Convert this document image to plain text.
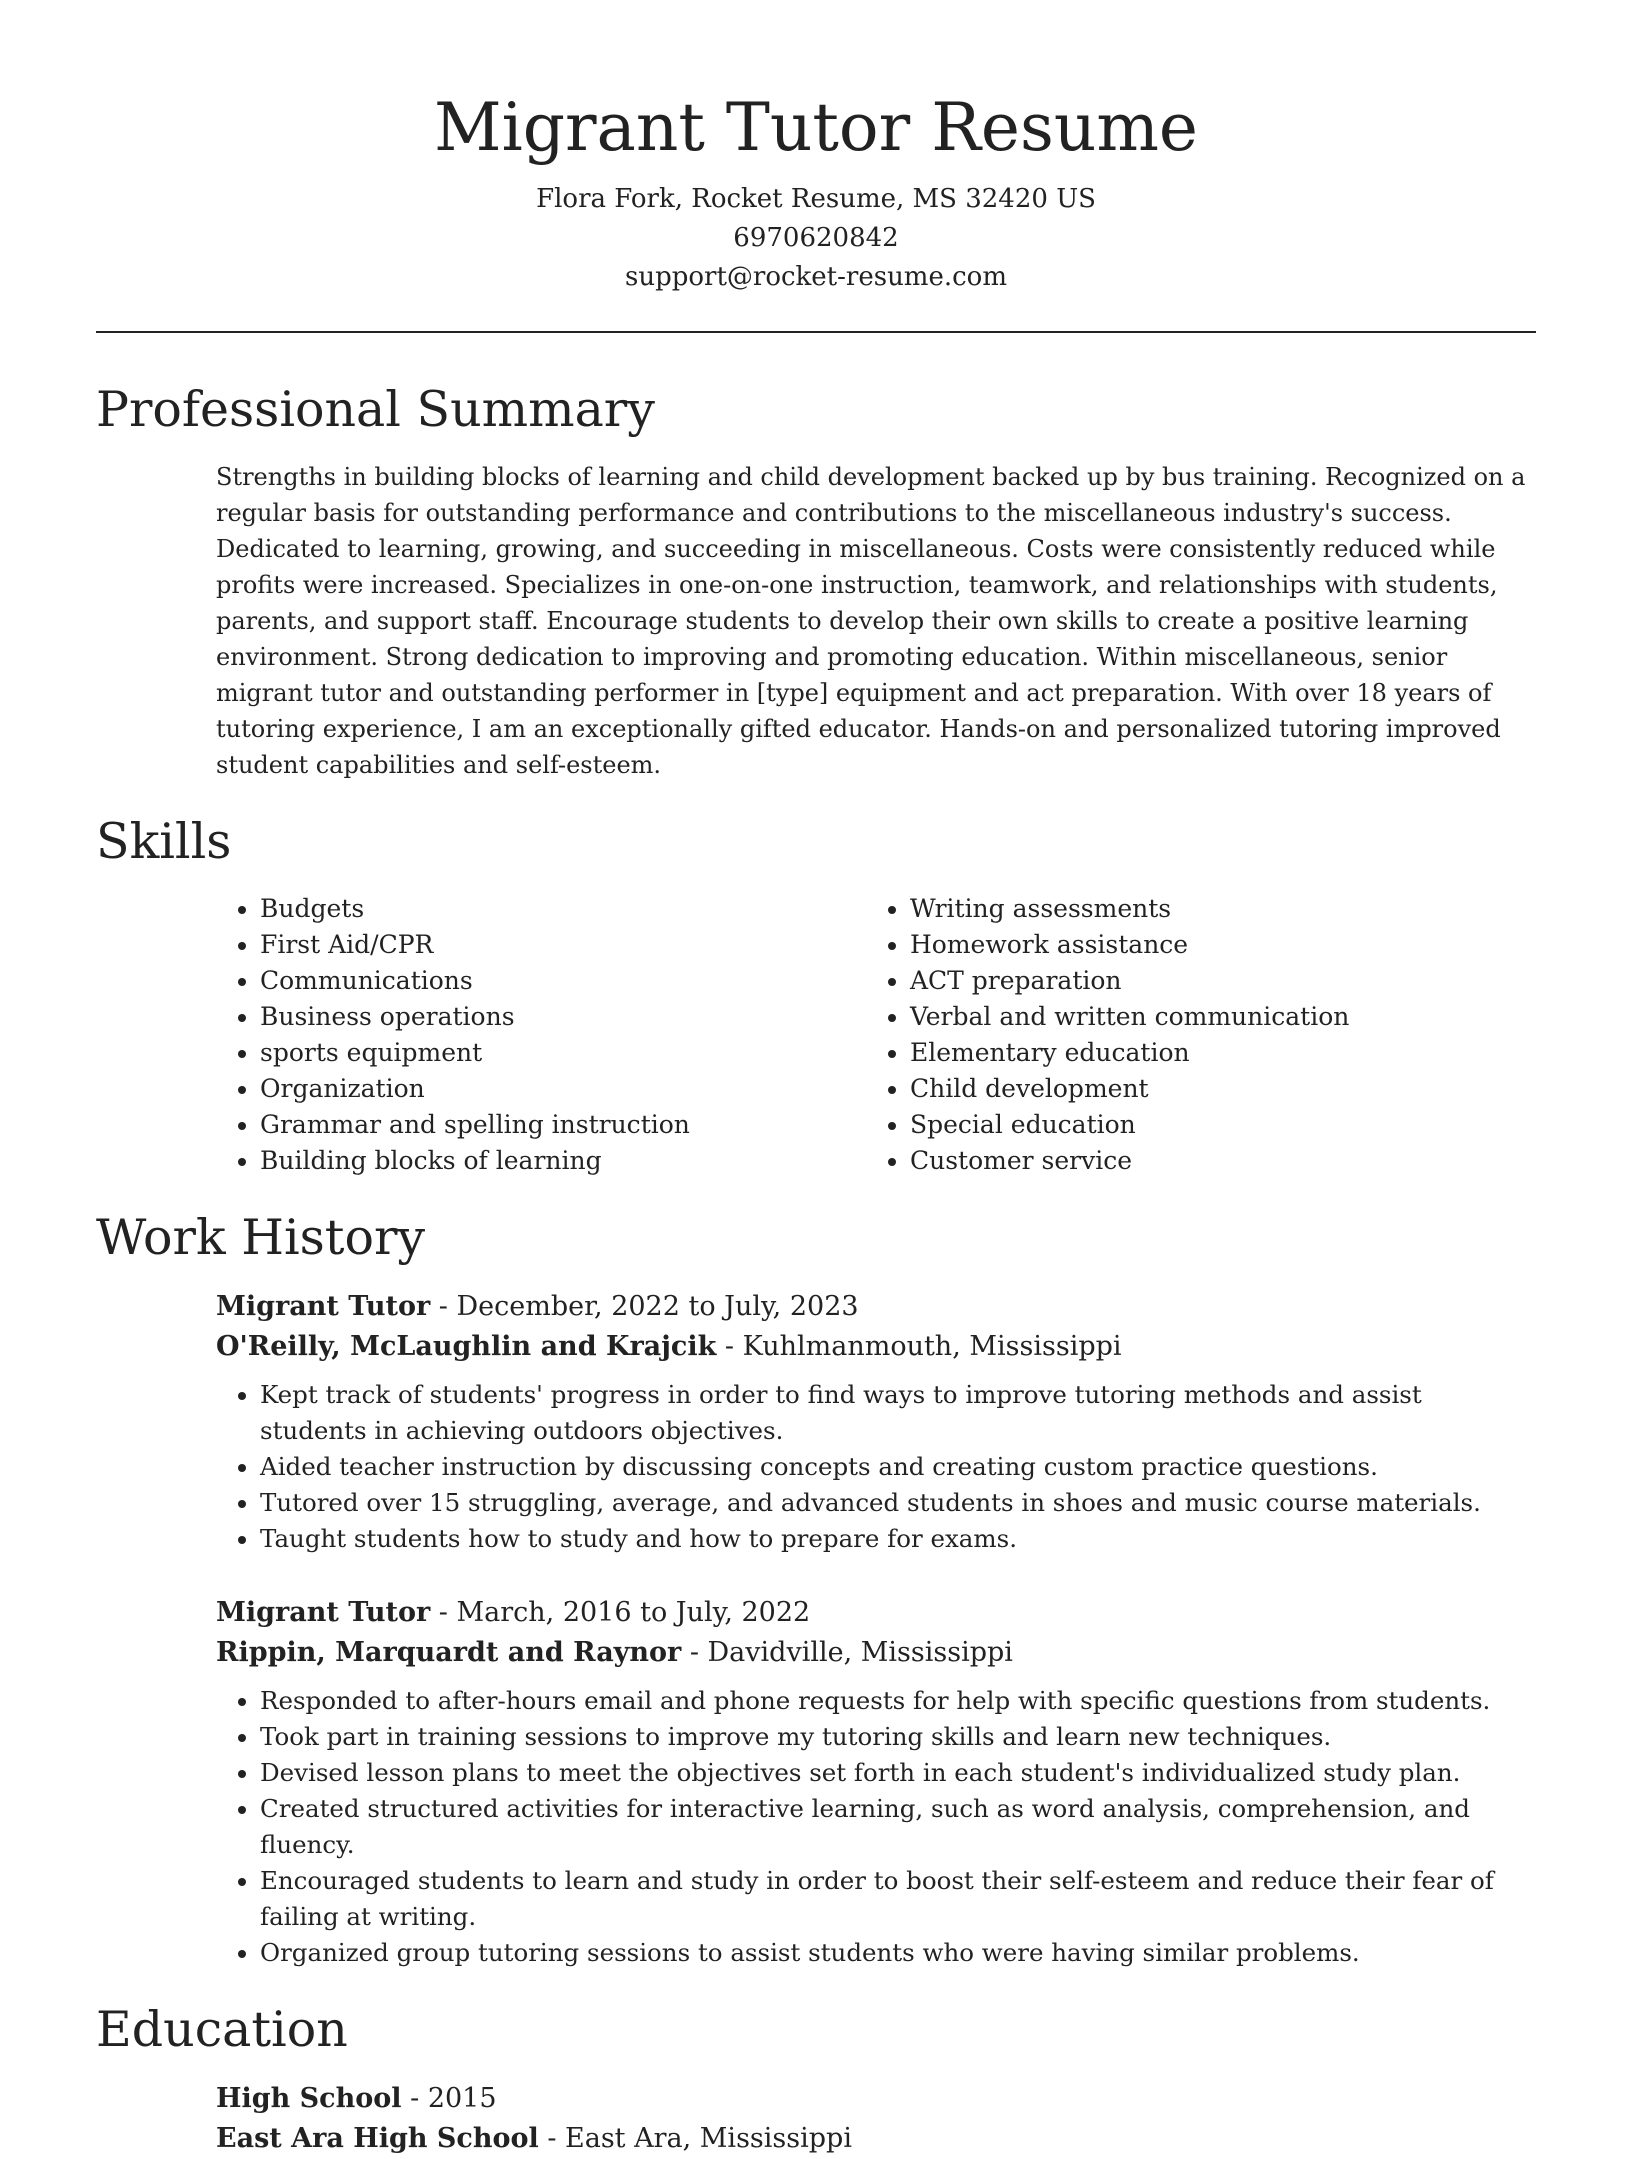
Migrant Tutor Resume
Flora Fork, Rocket Resume, MS 32420 US
6970620842
support@rocket-resume.com
Professional Summary
Strengths in building blocks of learning and child development backed up by bus training. Recognized on a regular basis for outstanding performance and contributions to the miscellaneous industry's success. Dedicated to learning, growing, and succeeding in miscellaneous. Costs were consistently reduced while profits were increased. Specializes in one-on-one instruction, teamwork, and relationships with students, parents, and support staff. Encourage students to develop their own skills to create a positive learning environment. Strong dedication to improving and promoting education. Within miscellaneous, senior migrant tutor and outstanding performer in [type] equipment and act preparation. With over 18 years of tutoring experience, I am an exceptionally gifted educator. Hands-on and personalized tutoring improved student capabilities and self-esteem.
Skills
• Budgets
• First Aid/CPR
• Communications
• Business operations
• sports equipment
• Organization
• Grammar and spelling instruction
• Building blocks of learning
• Writing assessments
• Homework assistance
• ACT preparation
• Verbal and written communication
• Elementary education
• Child development
• Special education
• Customer service
Work History
Migrant Tutor - December, 2022 to July, 2023
O'Reilly, McLaughlin and Krajcik - Kuhlmanmouth, Mississippi
• Kept track of students' progress in order to find ways to improve tutoring methods and assist students in achieving outdoors objectives.
• Aided teacher instruction by discussing concepts and creating custom practice questions.
• Tutored over 15 struggling, average, and advanced students in shoes and music course materials.
• Taught students how to study and how to prepare for exams.
Migrant Tutor - March, 2016 to July, 2022
Rippin, Marquardt and Raynor - Davidville, Mississippi
• Responded to after-hours email and phone requests for help with specific questions from students.
• Took part in training sessions to improve my tutoring skills and learn new techniques.
• Devised lesson plans to meet the objectives set forth in each student's individualized study plan.
• Created structured activities for interactive learning, such as word analysis, comprehension, and fluency.
• Encouraged students to learn and study in order to boost their self-esteem and reduce their fear of failing at writing.
• Organized group tutoring sessions to assist students who were having similar problems.
Education
High School - 2015
East Ara High School - East Ara, Mississippi
